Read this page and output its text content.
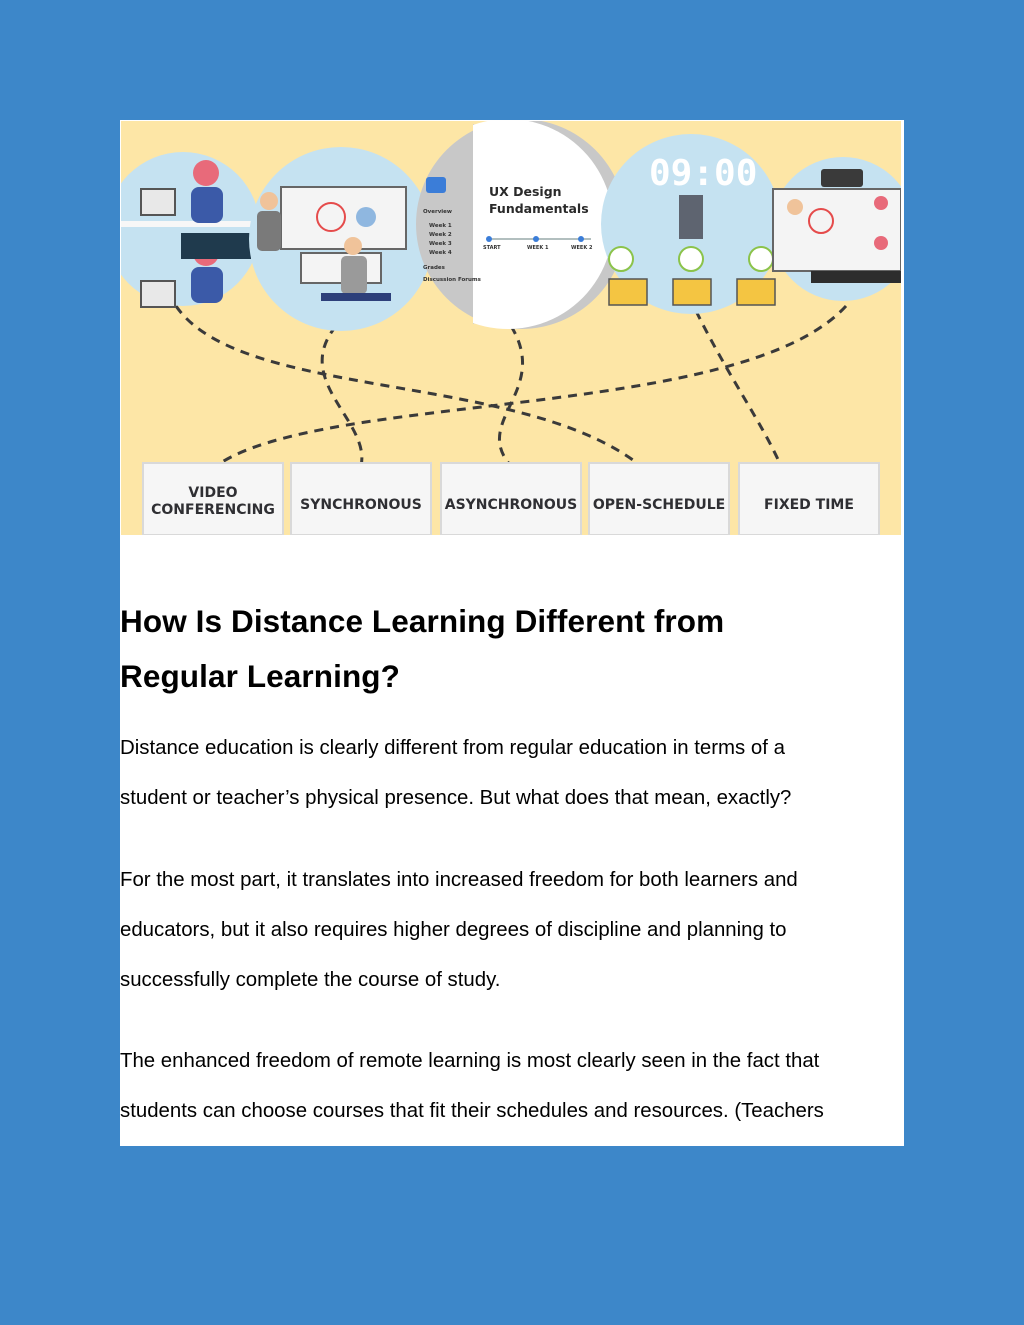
UX Design
Fundamentals
Overview
Week 1
Week 2
Week 3
Week 4
Grades
Discussion Forums
START	WEEK 1	WEEK 2
09:00
VIDEO
CONFERENCING SYNCHRONOUS ASYNCHRONOUS OPEN-SCHEDULE	FIXED TIME
How Is Distance Learning Different from
Regular Learning?

Distance education is clearly different from regular education in terms of a
student or teacher’s physical presence. But what does that mean, exactly?

For the most part, it translates into increased freedom for both learners and
educators, but it also requires higher degrees of discipline and planning to
successfully complete the course of study.

The enhanced freedom of remote learning is most clearly seen in the fact that
students can choose courses that fit their schedules and resources. (Teachers
